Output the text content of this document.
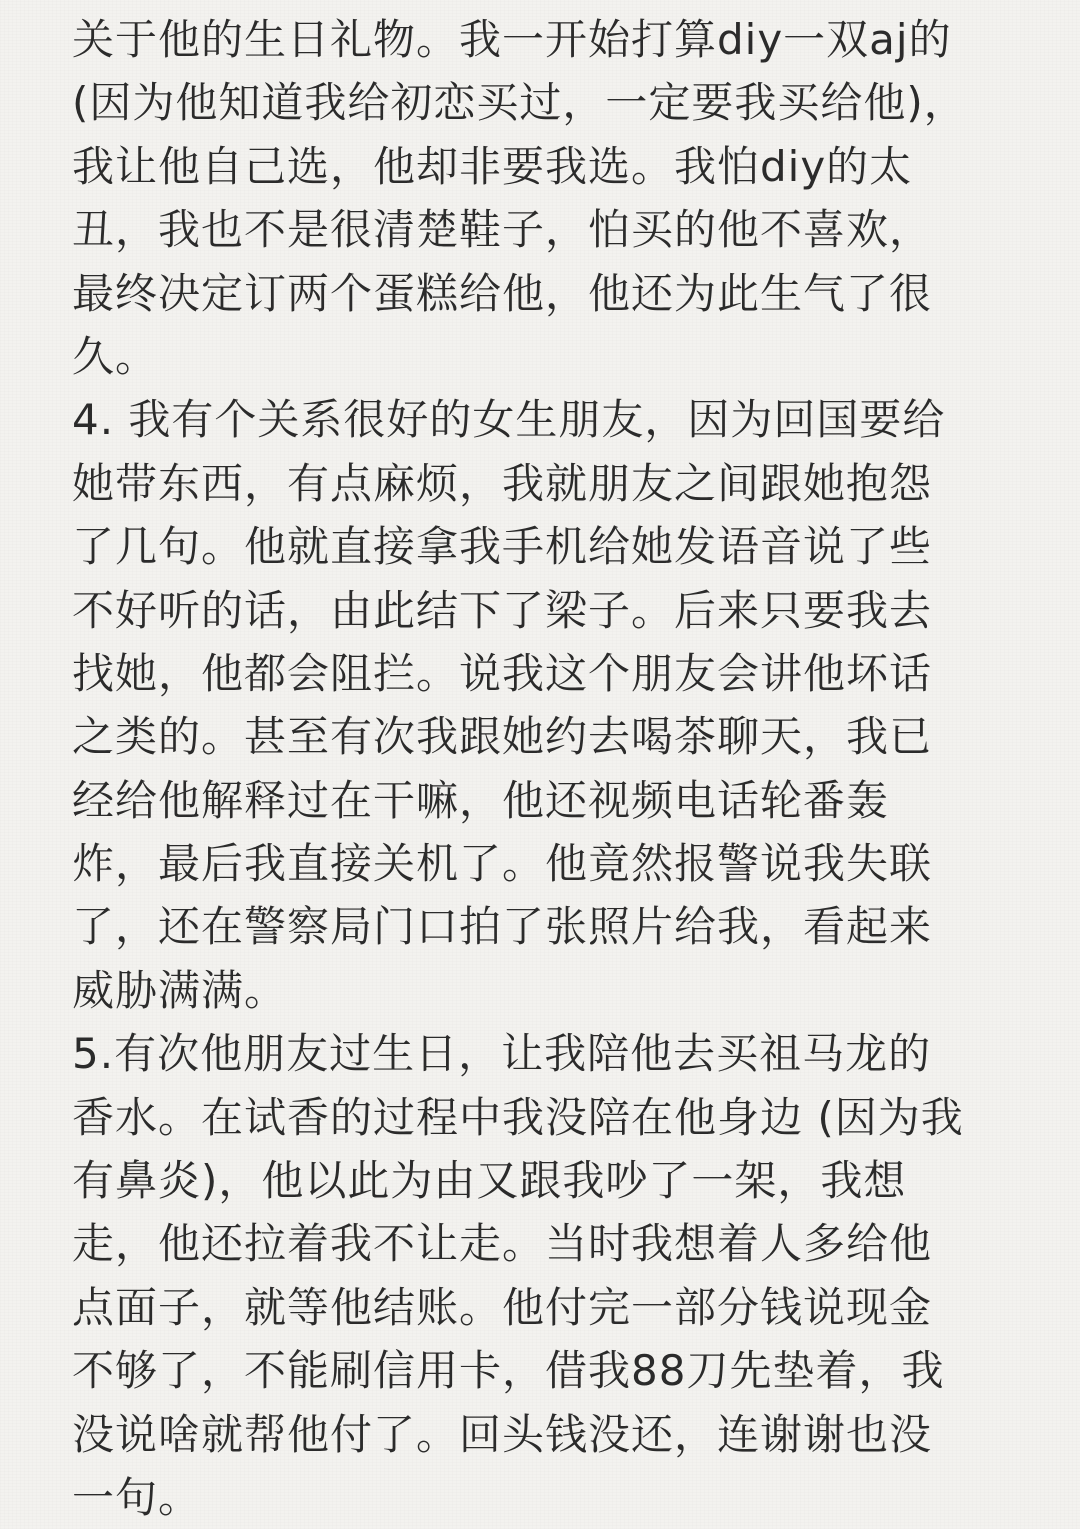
关于他的生日礼物。我一开始打算diy一双aj的
(因为他知道我给初恋买过，一定要我买给他)，
我让他自己选，他却非要我选。我怕diy的太
丑，我也不是很清楚鞋子，怕买的他不喜欢，
最终决定订两个蛋糕给他，他还为此生气了很
久。
4. 我有个关系很好的女生朋友，因为回国要给
她带东西，有点麻烦，我就朋友之间跟她抱怨
了几句。他就直接拿我手机给她发语音说了些
不好听的话，由此结下了梁子。后来只要我去
找她，他都会阻拦。说我这个朋友会讲他坏话
之类的。甚至有次我跟她约去喝茶聊天，我已
经给他解释过在干嘛，他还视频电话轮番轰
炸，最后我直接关机了。他竟然报警说我失联
了，还在警察局门口拍了张照片给我，看起来
威胁满满。
5.有次他朋友过生日，让我陪他去买祖马龙的
香水。在试香的过程中我没陪在他身边 (因为我
有鼻炎)，他以此为由又跟我吵了一架，我想
走，他还拉着我不让走。当时我想着人多给他
点面子，就等他结账。他付完一部分钱说现金
不够了，不能刷信用卡，借我88刀先垫着，我
没说啥就帮他付了。回头钱没还，连谢谢也没
一句。
